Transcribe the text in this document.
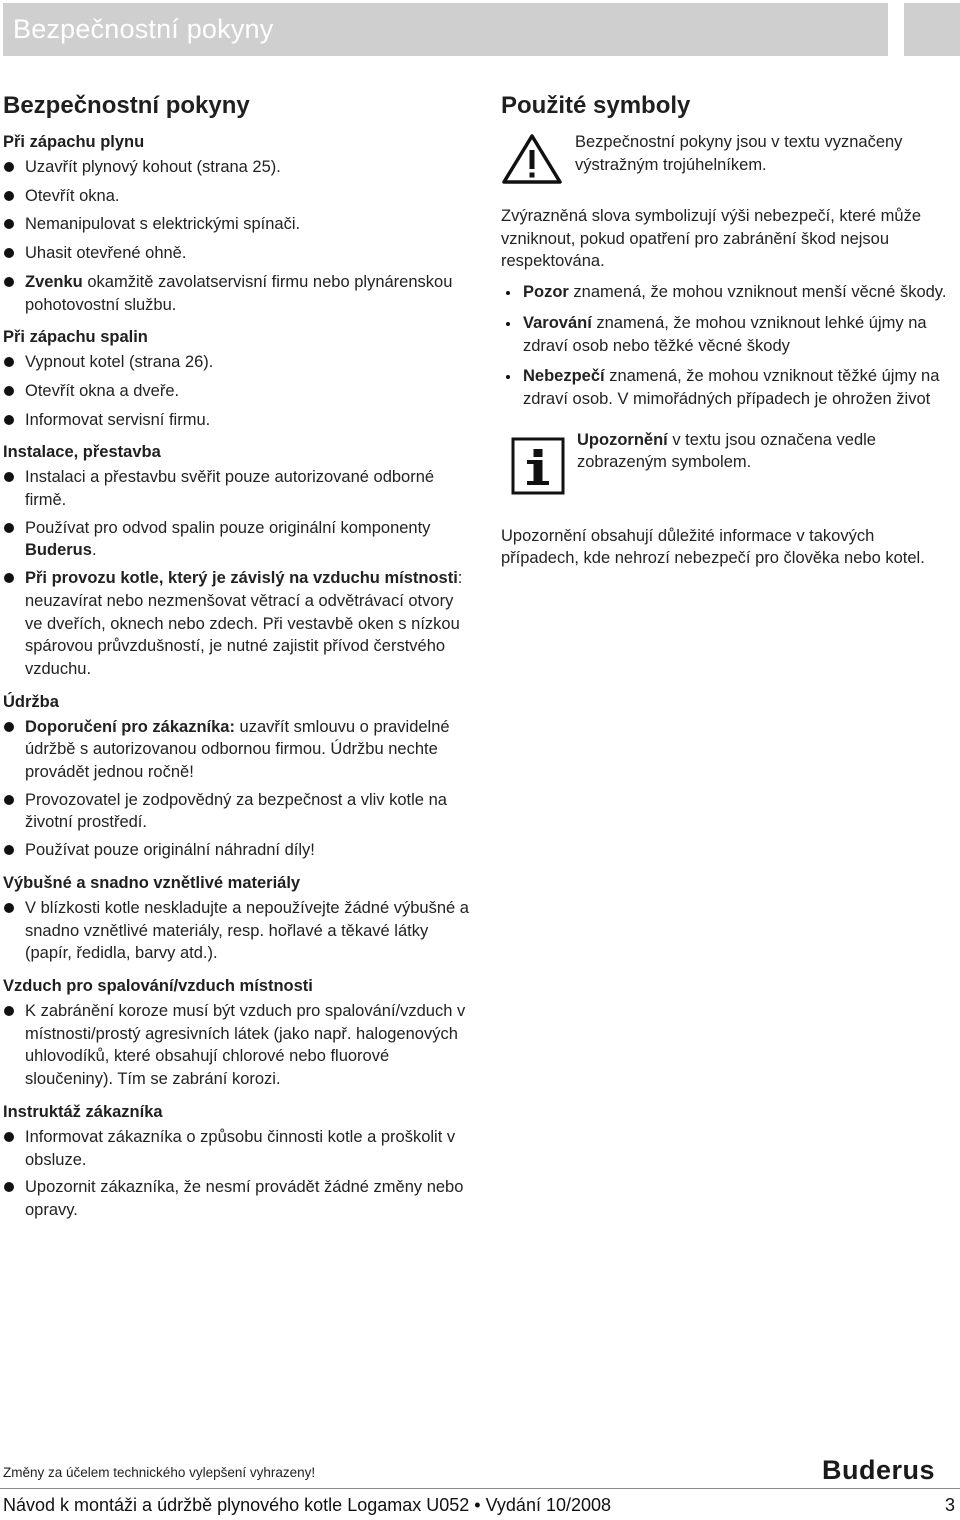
Bezpečnostní pokyny
Bezpečnostní pokyny
Při zápachu plynu
Uzavřít plynový kohout (strana 25).
Otevřít okna.
Nemanipulovat s elektrickými spínači.
Uhasit otevřené ohně.
Zvenku okamžitě zavolatservisní firmu nebo plynárenskou pohotovostní službu.
Při zápachu spalin
Vypnout kotel (strana 26).
Otevřít okna a dveře.
Informovat servisní firmu.
Instalace, přestavba
Instalaci a přestavbu svěřit pouze autorizované odborné firmě.
Používat pro odvod spalin pouze originální komponenty Buderus.
Při provozu kotle, který je závislý na vzduchu místnosti: neuzavírat nebo nezmenšovat větrací a odvětrávací otvory ve dveřích, oknech nebo zdech. Při vestavbě oken s nízkou spárovou průvzdušností, je nutné zajistit přívod čerstvého vzduchu.
Údržba
Doporučení pro zákazníka: uzavřít smlouvu o pravidelné údržbě s autorizovanou odbornou firmou. Údržbu nechte provádět jednou ročně!
Provozovatel je zodpovědný za bezpečnost a vliv kotle na životní prostředí.
Používat pouze originální náhradní díly!
Výbušné a snadno vznětlivé materiály
V blízkosti kotle neskladujte a nepoužívejte žádné výbušné a snadno vznětlivé materiály, resp. hořlavé a těkavé látky (papír, ředidla, barvy atd.).
Vzduch pro spalování/vzduch místnosti
K zabránění koroze musí být vzduch pro spalování/vzduch v místnosti/prostý agresivních látek (jako např. halogenových uhlovodíků, které obsahují chlorové nebo fluorové sloučeniny). Tím se zabrání korozi.
Instruktáž zákazníka
Informovat zákazníka o způsobu činnosti kotle a proškolit v obsluze.
Upozornit zákazníka, že nesmí provádět žádné změny nebo opravy.
Použité symboly
Bezpečnostní pokyny jsou v textu vyznačeny výstražným trojúhelníkem.

Zvýrazněná slova symbolizují výši nebezpečí, které může vzniknout, pokud opatření pro zabránění škod nejsou respektována.

Pozor znamená, že mohou vzniknout menší věcné škody.
Varování znamená, že mohou vzniknout lehké újmy na zdraví osob nebo těžké věcné škody
Nebezpečí znamená, že mohou vzniknout těžké újmy na zdraví osob. V mimořádných případech je ohrožen život
Upozornění v textu jsou označena vedle zobrazeným symbolem.

Upozornění obsahují důležité informace v takových případech, kde nehrozí nebezpečí pro člověka nebo kotel.

Změny za účelem technického vylepšení vyhrazeny!	Buderus
Návod k montáži a údržbě plynového kotle Logamax U052 • Vydání 10/2008	3
